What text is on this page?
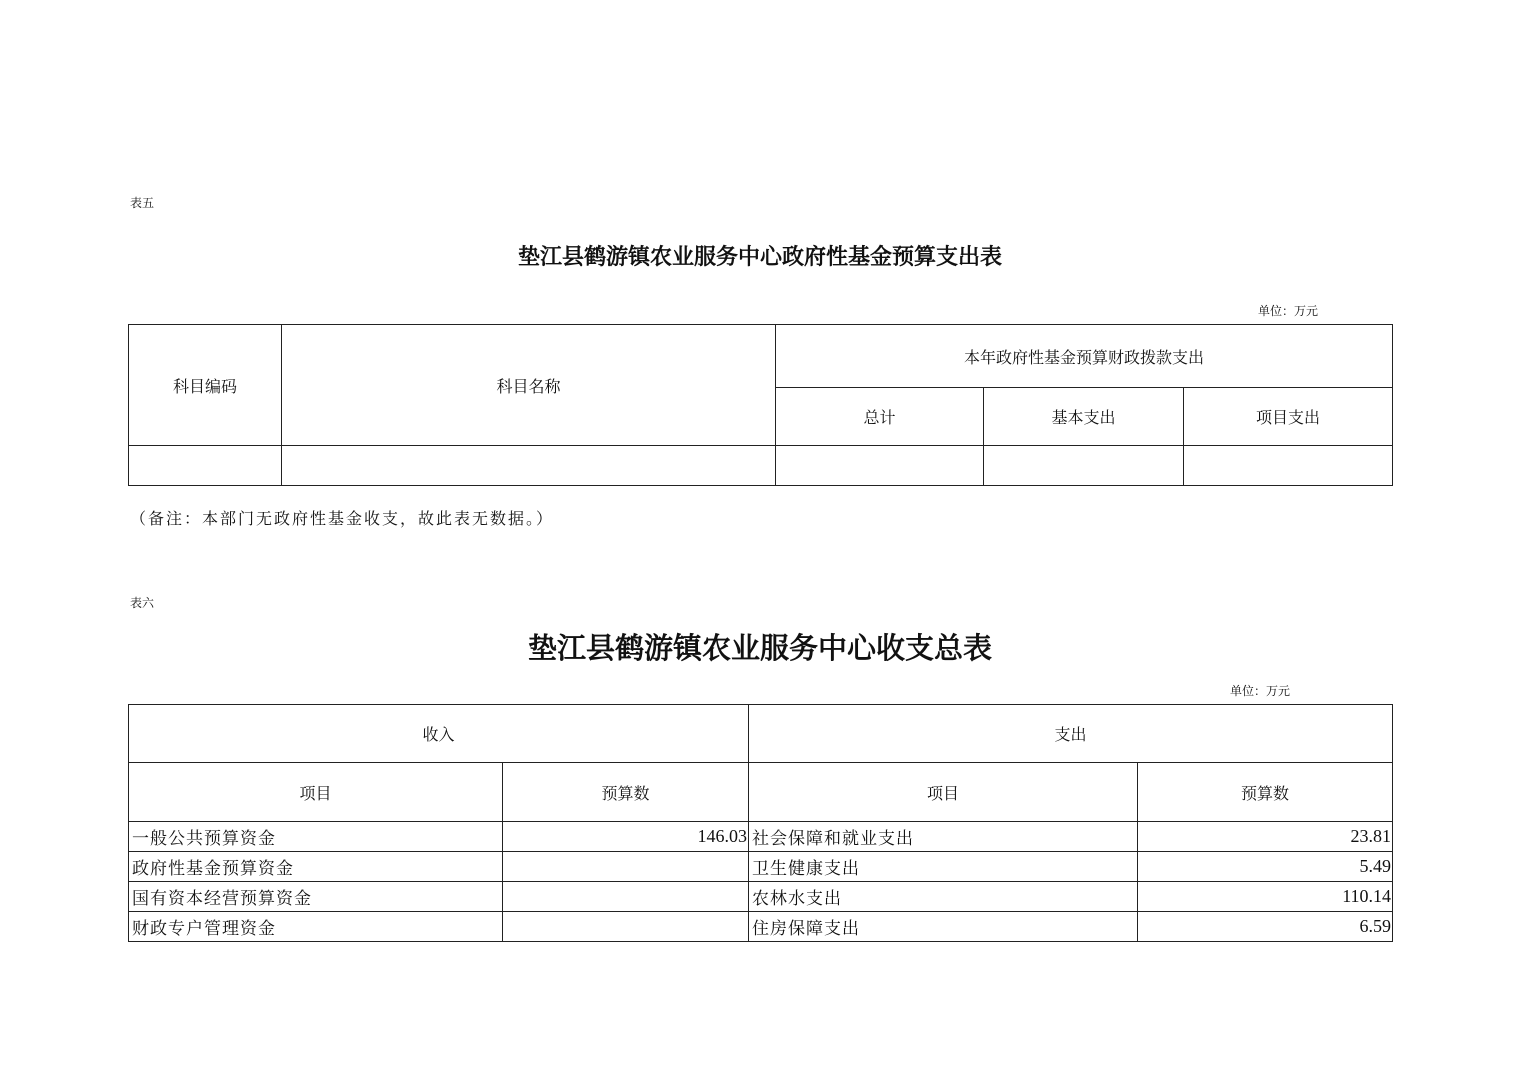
表五
垫江县鹤游镇农业服务中心政府性基金预算支出表
单位：万元
科目编码	科目名称	本年政府性基金预算财政拨款支出		
		总计	基本支出	项目支出

（备注：本部门无政府性基金收支，故此表无数据。）
表六
垫江县鹤游镇农业服务中心收支总表
单位：万元
收入		支出	
项目	预算数	项目	预算数
一般公共预算资金	146.03	社会保障和就业支出	23.81
政府性基金预算资金		卫生健康支出	5.49
国有资本经营预算资金		农林水支出	110.14
财政专户管理资金		住房保障支出	6.59
